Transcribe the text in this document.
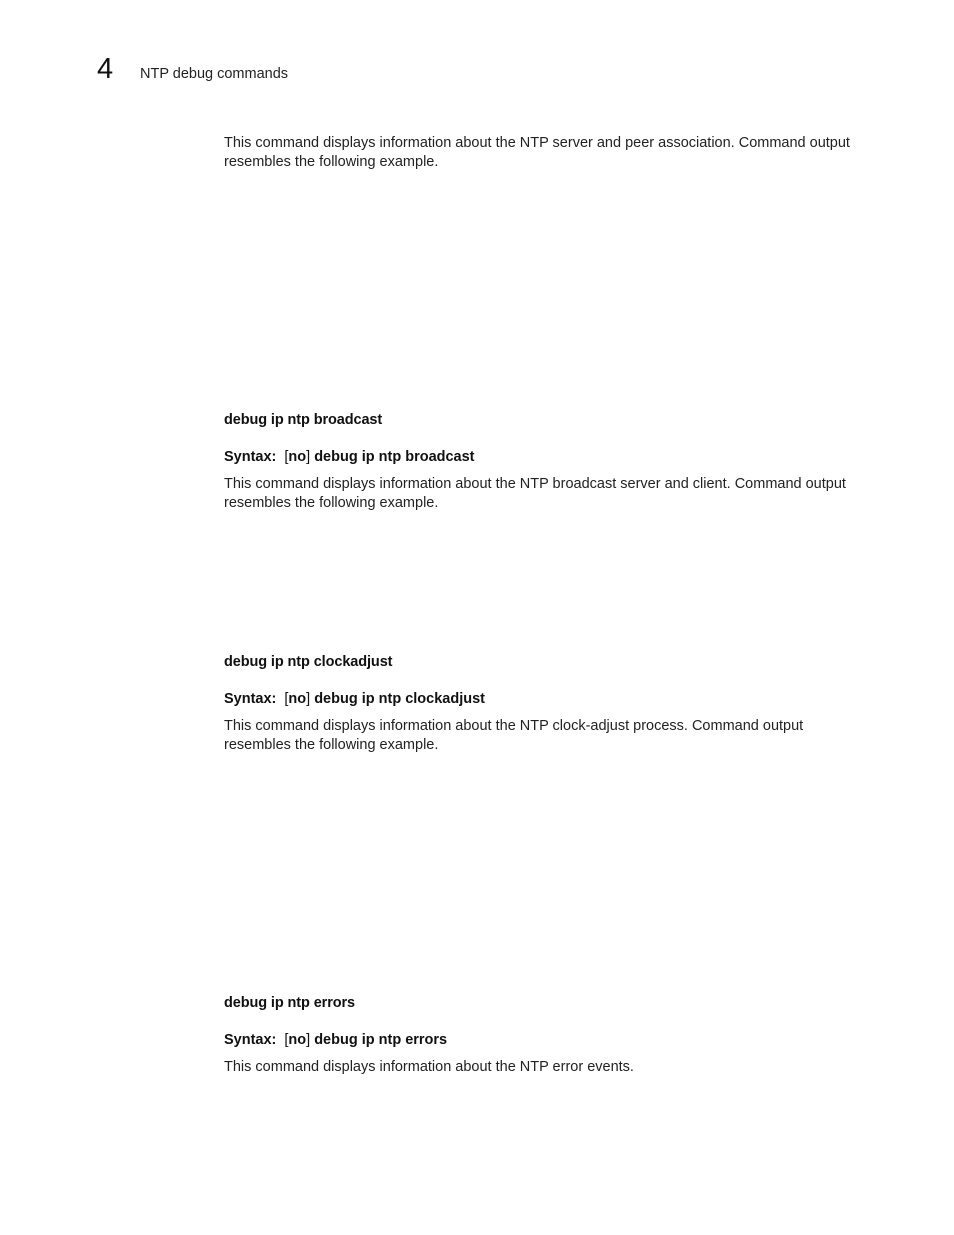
4 NTP debug commands

This command displays information about the NTP server and peer association. Command output resembles the following example.

debug ip ntp broadcast

Syntax: [no] debug ip ntp broadcast

This command displays information about the NTP broadcast server and client. Command output resembles the following example.

debug ip ntp clockadjust

Syntax: [no] debug ip ntp clockadjust

This command displays information about the NTP clock-adjust process. Command output resembles the following example.

debug ip ntp errors

Syntax: [no] debug ip ntp errors

This command displays information about the NTP error events.
